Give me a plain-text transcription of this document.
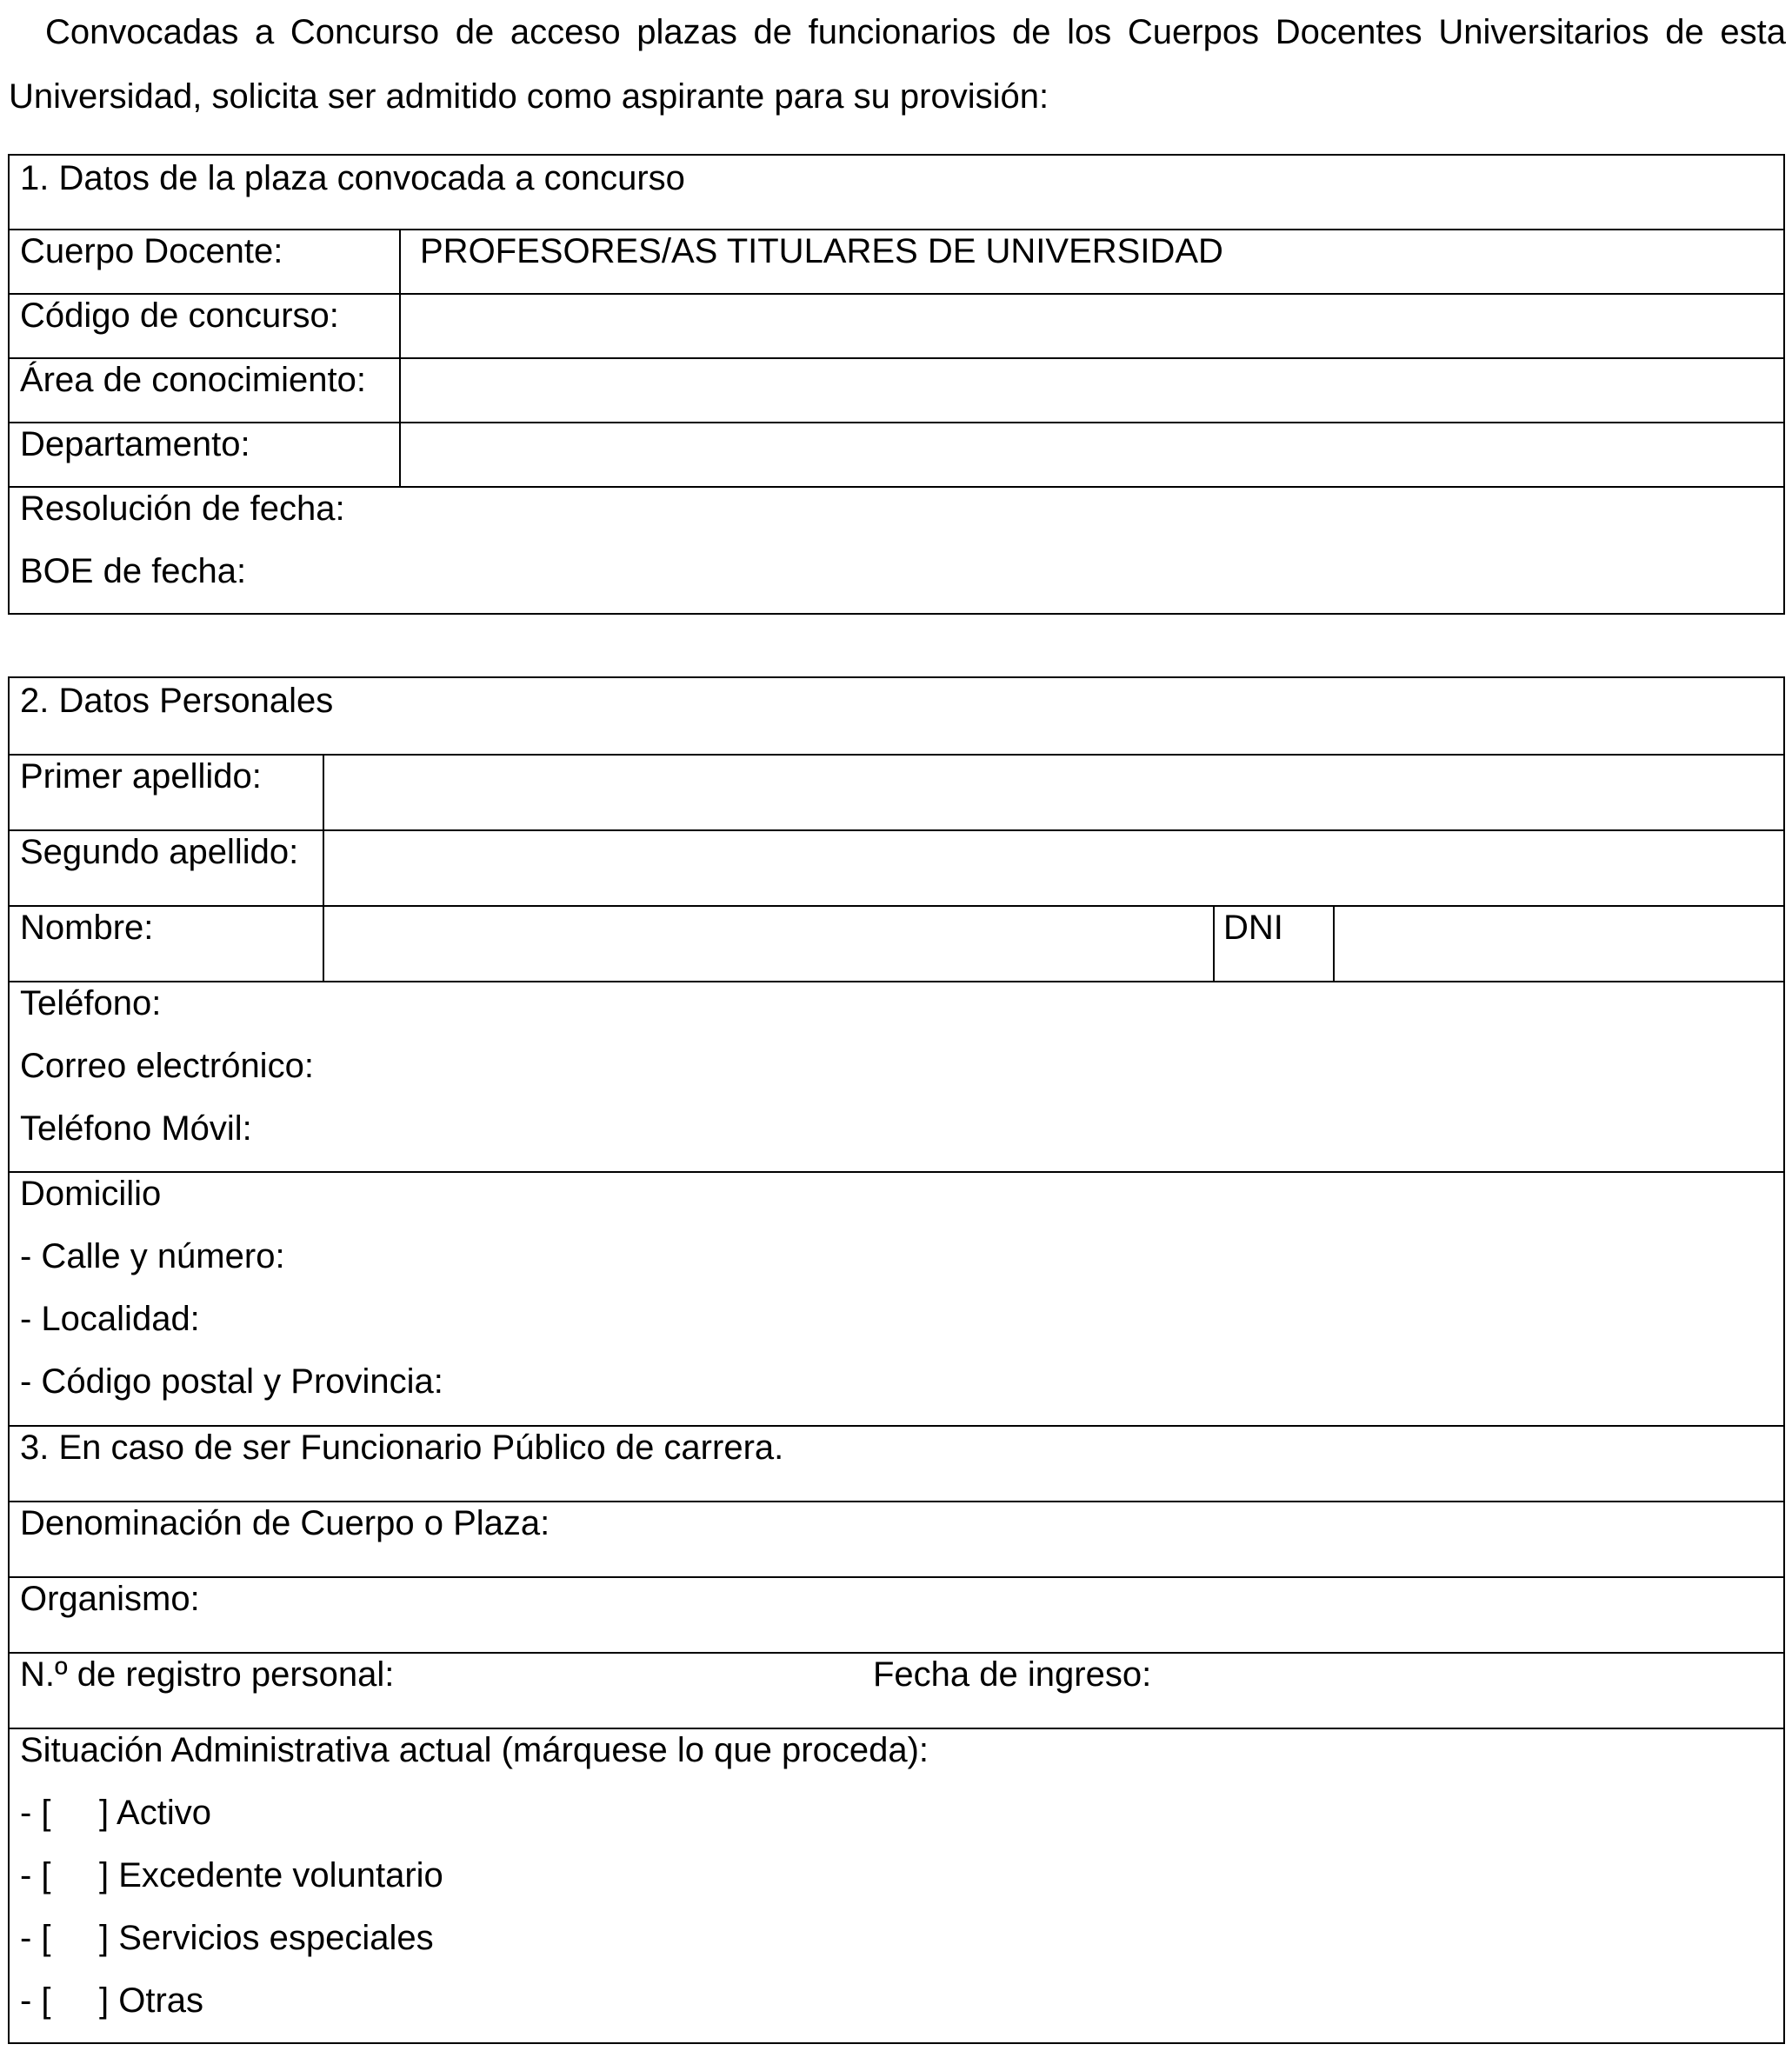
Convocadas a Concurso de acceso plazas de funcionarios de los Cuerpos Docentes Universitarios de esta
Universidad, solicita ser admitido como aspirante para su provisión:
1. Datos de la plaza convocada a concurso
Cuerpo Docente:	PROFESORES/AS TITULARES DE UNIVERSIDAD
Código de concurso:
Área de conocimiento:
Departamento:
Resolución de fecha:
BOE de fecha:
2. Datos Personales
Primer apellido:
Segundo apellido:
Nombre:	DNI
Teléfono:
Correo electrónico:
Teléfono Móvil:
Domicilio
- Calle y número:
- Localidad:
- Código postal y Provincia:
3. En caso de ser Funcionario Público de carrera.
Denominación de Cuerpo o Plaza:
Organismo:
N.º de registro personal:	Fecha de ingreso:
Situación Administrativa actual (márquese lo que proceda):
- [ ] Activo
- [ ] Excedente voluntario
- [ ] Servicios especiales
- [ ] Otras
